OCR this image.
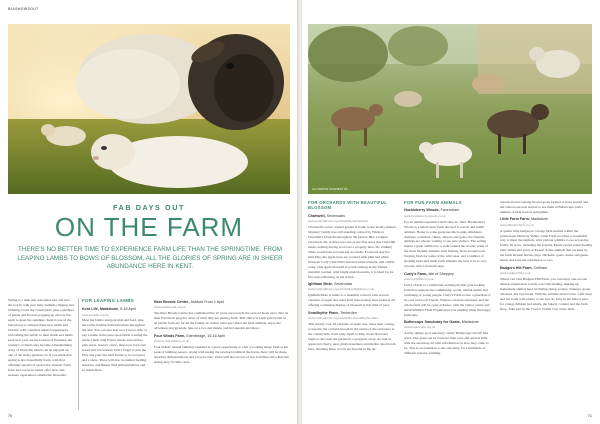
BIASHOWSOUT
FAB DAYS OUT
ON THE FARM

THERE'S NO BETTER TIME TO EXPERIENCE FARM LIFE THAN THE SPRINGTIME. FROM LEAPING LAMBS TO BOWS OF BLOSSOM, ALL THE GLORIES OF SPRING ARE IN SHEER ABUNDANCE HERE IN KENT.

Spring is a time that welcomes new life into the world, with new baby animals clinging and blinking across the countryside, plus a plethora of plants and flowers popping up all over the earth to greet the sunshine. Kent is one of the best places to witness these new births and blooms, with countless animal experiences welcoming the public to their fields and farms each new year. As the Garden of England, the county's orchards also become a mesmerising array of blossoms which can be enjoyed on one of our many gardens. So if you think that spring is also beautifully fresh, with first offerings sprouts of season the Jurassic fresh feed, and colors in which offer nice, and treasure experiences amidst the blossoms.

FOR LEAPING LAMBS
Kent Life, Maidstone, 5-16 April
www.kentlife.org.uk

Meet the lambs and goat kids and feed, take the bottle feeding demonstrations throughout the day! You can also hop on a Tractor ride, or pay a name in the pure open fields creating the perfect farm with Easter chicks and outdoor play areas, bouncy castle, meet new born and bored and ron wanted. Don't forget to join the Play and your fun with Easter to be recorded and a show. There will also be animal feeding sessions, and Bunny find demonstrations and so much more.

Rare Breeds Centre, Ashford From 1 April
www.rarebreeds.org.uk

The Rare Breeds Centre has confirmed that 10 years are towards the season! Keen up to date on their Facebook page for news of what they are putting forth. This 100-acre farm spectacular in an idyllic farm are for all the family, no matter what age! Meet the farm animals, enjoy the adventure playgrounds, take on a two-tier maize, and its lakeside and more.

Four Winds Farm, Edenbridge, 15-16 April
www.fourwindsfarm.co.uk

Four Winds' annual lambing weekend is a great opportunity to visit a working sheep farm at the peak of lambing season. Along with seeing the newborn lambs in the barns, there will be sheep shearing demonstrations and a tractor ride. There will also be lots of fun activities and a kids fun spring play for little ones.

70
ALL PHOTOS COURTESY OF ...
FOR ORCHARDS WITH BEAUTIFUL BLOSSOM
Chartwell, Sevenoaks
www.nationaltrust.org.uk/visit/kent/chartwell

Chartwell's sweet, walled garden is home to the mostly missed 'mystery' family tree still standing, adored by Winston Churchill's blossom throughout the period. Hire a tamper Chartwell, the orchard was one of the first areas that Churchill made creating having trod over a property here. Do walking while would later become his art studio. From late April to mid-May, the apple trees are covered with pink and white blossom. Lady Churchill's beloved white wisteria, still visible today. One apple blossom is worth visiting in the 'Winter Autumn' Garden, with bright pink blossoms, it is ideal for its frivolous reflecting on his return.

Ightham Mote, Sevenoaks
www.nationaltrust.org.uk/visit/kent/ightham-mote

Ightham Mote is home to a beautiful orchard with several varieties of apple and other fruit trees having been planted, all offering a stunning display of blossom at this time of year.

Smallhythe Place, Tenterden
www.nationaltrust.org.uk/visit/kent/smallhythe-place

This mostly over 16 varieties of apple tree, dress their cottage crossed in the orchard, bloom in the centre of the enclosure at the countryside, from early April to May, those blossoms begin to decorate the garden in a gorgeous array. As well as apple and cherry, pear, plum, hazelnuts and medlar also bloom here, meaning these crocus are beyond in the air.

FOR FUN FARM ANIMALS
Huckleberry Woods, Faversham
www.huckleberry-woods.co.uk

For an animal experience that's like no other, Huckleberry Woods is a small rustic farm devoted to rescue and misfit animals. Home to some gorgeous micro-pigs, miniature donkeys, wallabies, sheep, alpacas and goats, the friendly animals are always waiting to see new visitors. The setting makes a great addition to a walk around the woods, some of the most friendly animals with friendly faces around town. Staying fresh for some of the wild ones, and a number of spoiling hand and small farm animals, the best is in so very woodsy with a blossom sign.

Curly's Farm, Isle of Sheppey
www.curlysfarm.co.uk

Curly's Farm is a traditional working mother goat looking farm that supports the community, social, mental health and wellbeing of young people. Curly's Farm is also a guardian of its own rare local breeds. Visitors can feed and hand, and the whole farm will be open at Easter, with the visitor centre and small Wildlife Farm Experiences lots running when the happy farm runs.

Buttercups Sanctuary for Goats, Maidstone
www.buttercups.org.uk

A truly quirky goat sanctuary called 'Buttercups' and 20 fine acres. The goats can be found in their own and several little with the sanctuary all with information on how they came to be. This is an extension to the sanctuary for a multitude of different reasons, farming.

reasons horses usually moved goats farmed or have started and the visitors are best season to see them at Buttercups with a number of kids born in springtime.

Little Farm Farm, Maidstone
www.littlefarmfarm.co.uk

A quaint little hedgerow cottage farm nestled within the picturesque Medway Valley, Little Farm provides a wonderful way to meet the animals, with various wildlife to see across the farm's 50 acres, including the popular Easter events when feeding baby lambs and goats at Easter! Some animals that are kept by the farm include horses, pigs, chickens, goats, ducks and geese, sheep and even the odd alpaca or two.

Badgers Hill Farm, Chilham
www.badgershill.co.uk

Where can visit Badgers Hill Farm, you can enjoy one-on-one animal experiences to help you with feeding, making up homemade animal feed, including sheep, ponies, donkeys, goats, chickens and rare breed. With the animals there is also a gift shop and tea room with plenty to see and do. Play in the indoor barn for young children and adults, the bakery counter and the farm shop. Take part in the Tractor Trailer tour of the farm.

71
